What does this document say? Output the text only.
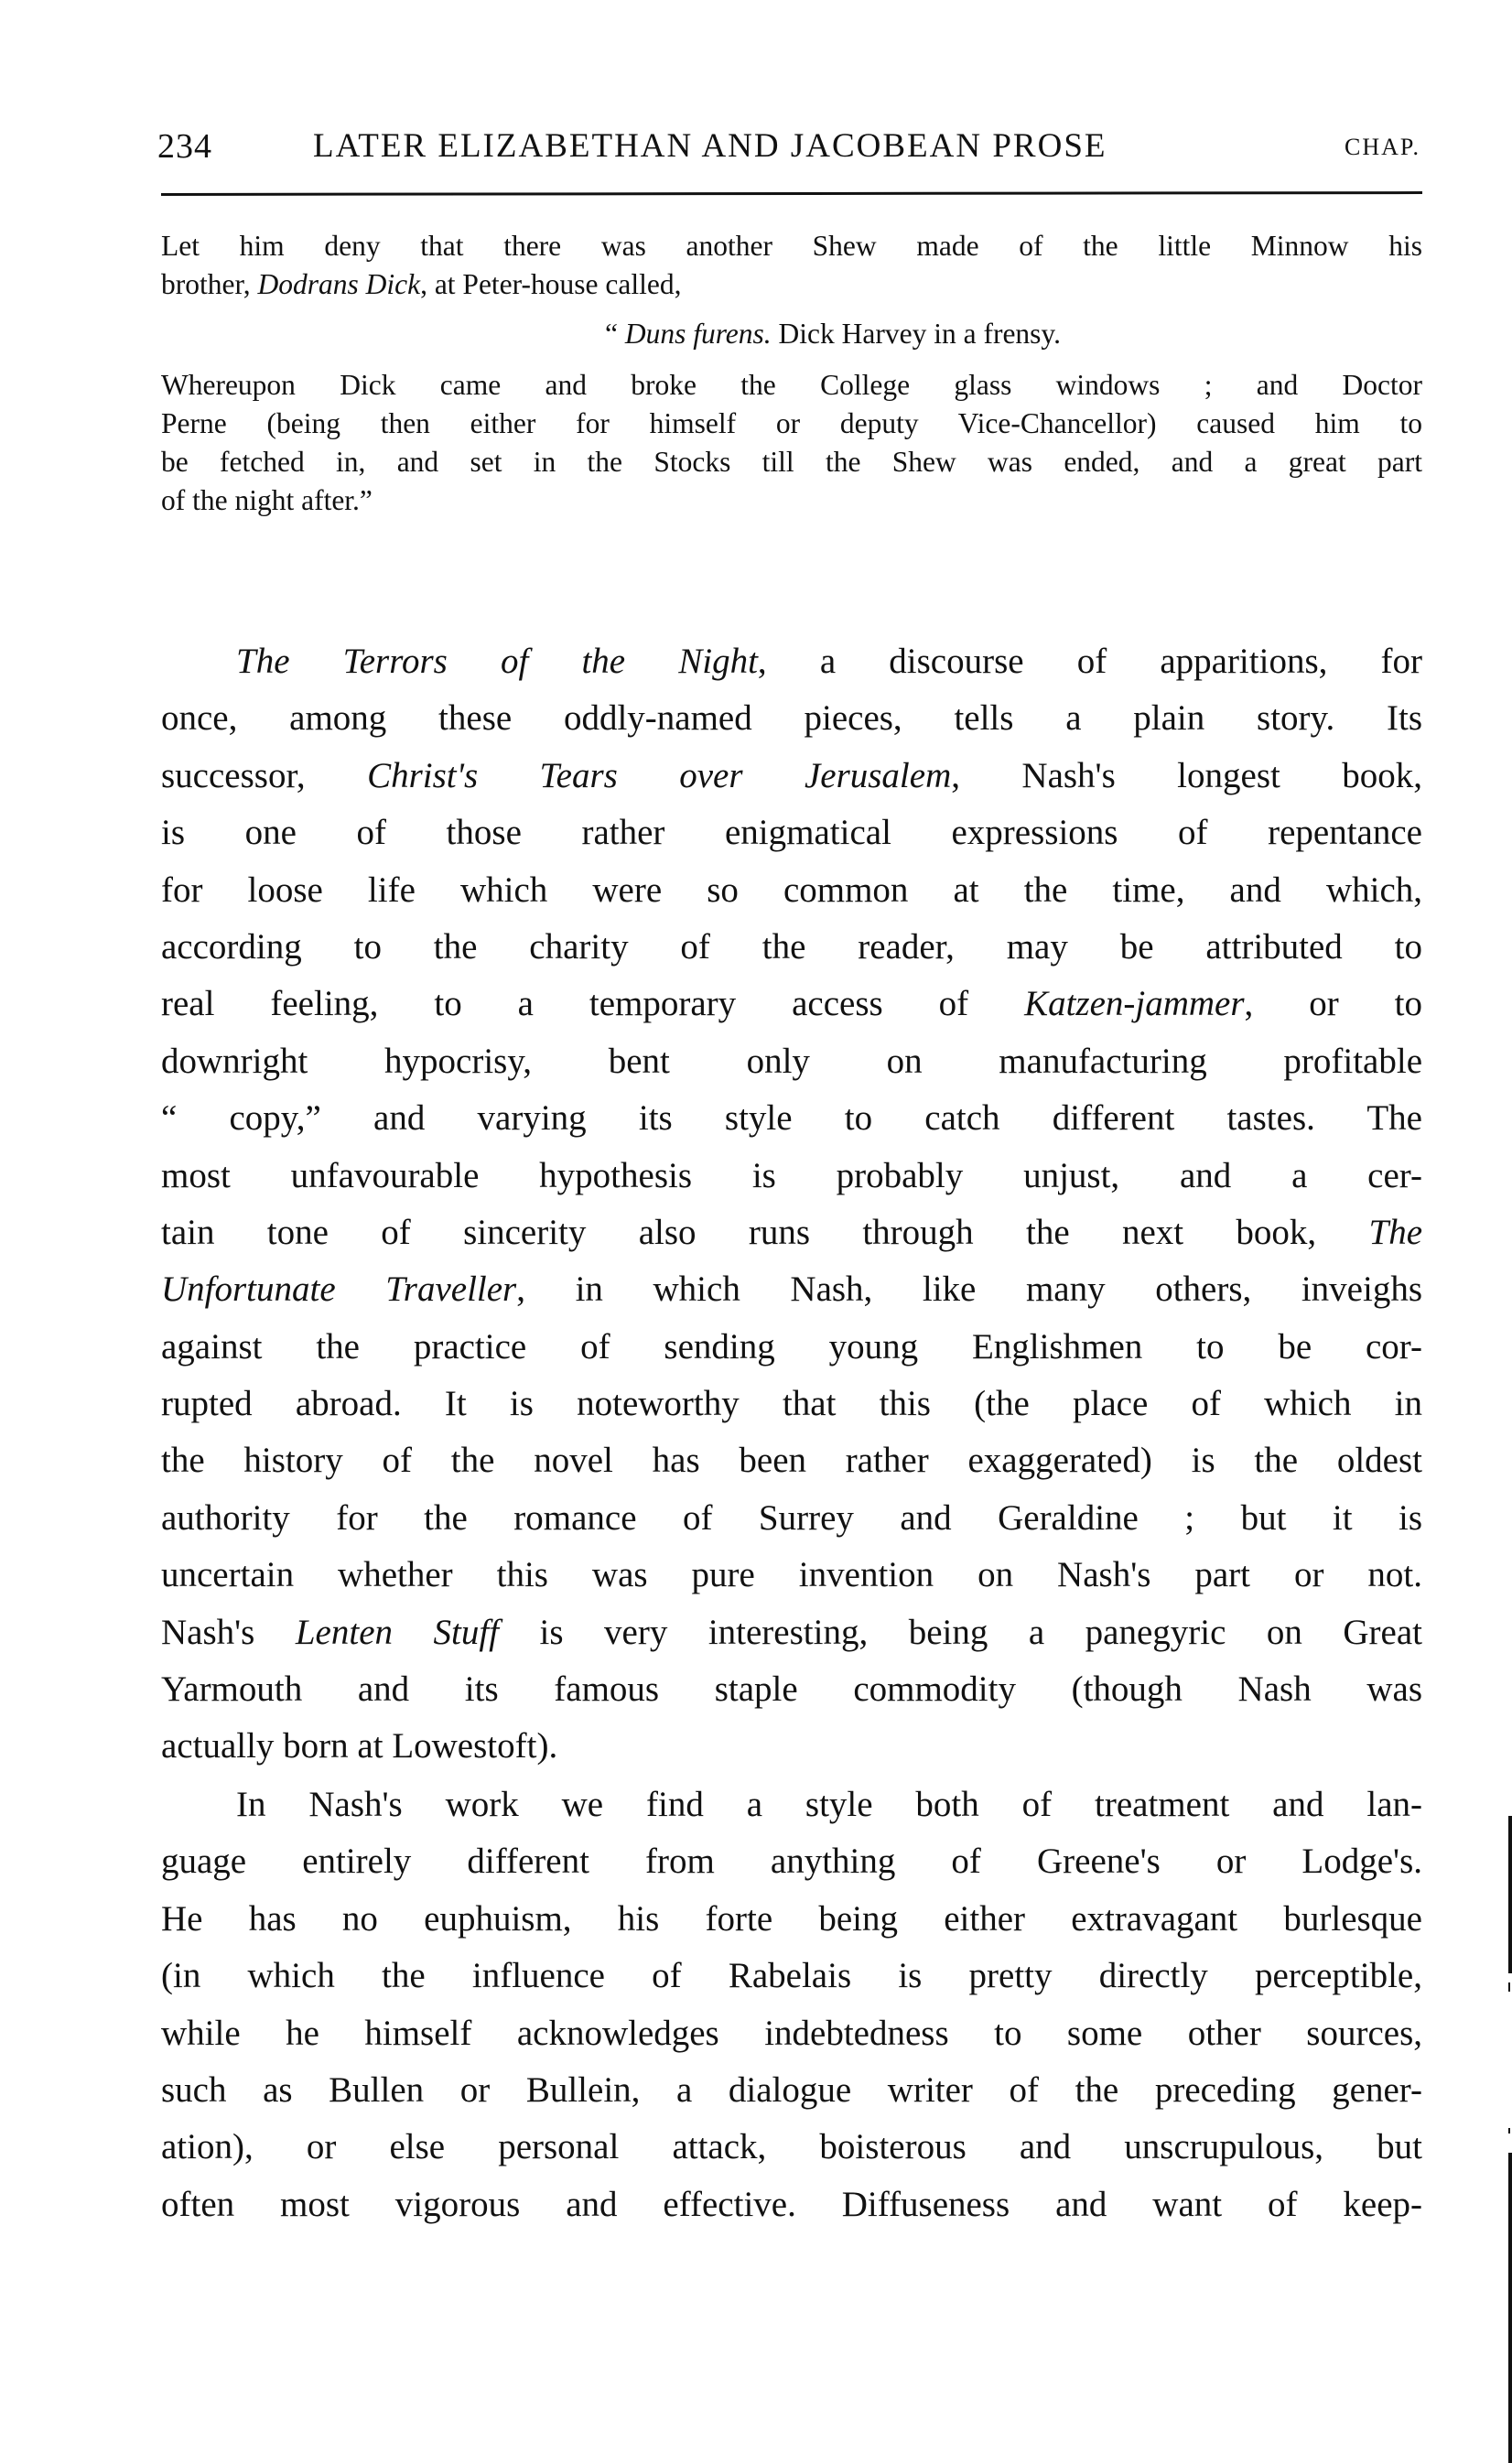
234	LATER ELIZABETHAN AND JACOBEAN PROSE	CHAP.
Let him deny that there was another Shew made of the little Minnow his
brother, Dodrans Dick, at Peter-house called,
“ Duns furens. Dick Harvey in a frensy.
Whereupon Dick came and broke the College glass windows ; and Doctor
Perne (being then either for himself or deputy Vice-Chancellor) caused him to
be fetched in, and set in the Stocks till the Shew was ended, and a great part
of the night after.”
The Terrors of the Night, a discourse of apparitions, for
once, among these oddly-named pieces, tells a plain story. Its
successor, Christ's Tears over Jerusalem, Nash's longest book,
is one of those rather enigmatical expressions of repentance
for loose life which were so common at the time, and which,
according to the charity of the reader, may be attributed to
real feeling, to a temporary access of Katzen-jammer, or to
downright hypocrisy, bent only on manufacturing profitable
“ copy,” and varying its style to catch different tastes. The
most unfavourable hypothesis is probably unjust, and a cer-
tain tone of sincerity also runs through the next book, The
Unfortunate Traveller, in which Nash, like many others, inveighs
against the practice of sending young Englishmen to be cor-
rupted abroad. It is noteworthy that this (the place of which in
the history of the novel has been rather exaggerated) is the oldest
authority for the romance of Surrey and Geraldine ; but it is
uncertain whether this was pure invention on Nash's part or not.
Nash's Lenten Stuff is very interesting, being a panegyric on Great
Yarmouth and its famous staple commodity (though Nash was
actually born at Lowestoft).
In Nash's work we find a style both of treatment and lan-
guage entirely different from anything of Greene's or Lodge's.
He has no euphuism, his forte being either extravagant burlesque
(in which the influence of Rabelais is pretty directly perceptible,
while he himself acknowledges indebtedness to some other sources,
such as Bullen or Bullein, a dialogue writer of the preceding gener-
ation), or else personal attack, boisterous and unscrupulous, but
often most vigorous and effective. Diffuseness and want of keep-
